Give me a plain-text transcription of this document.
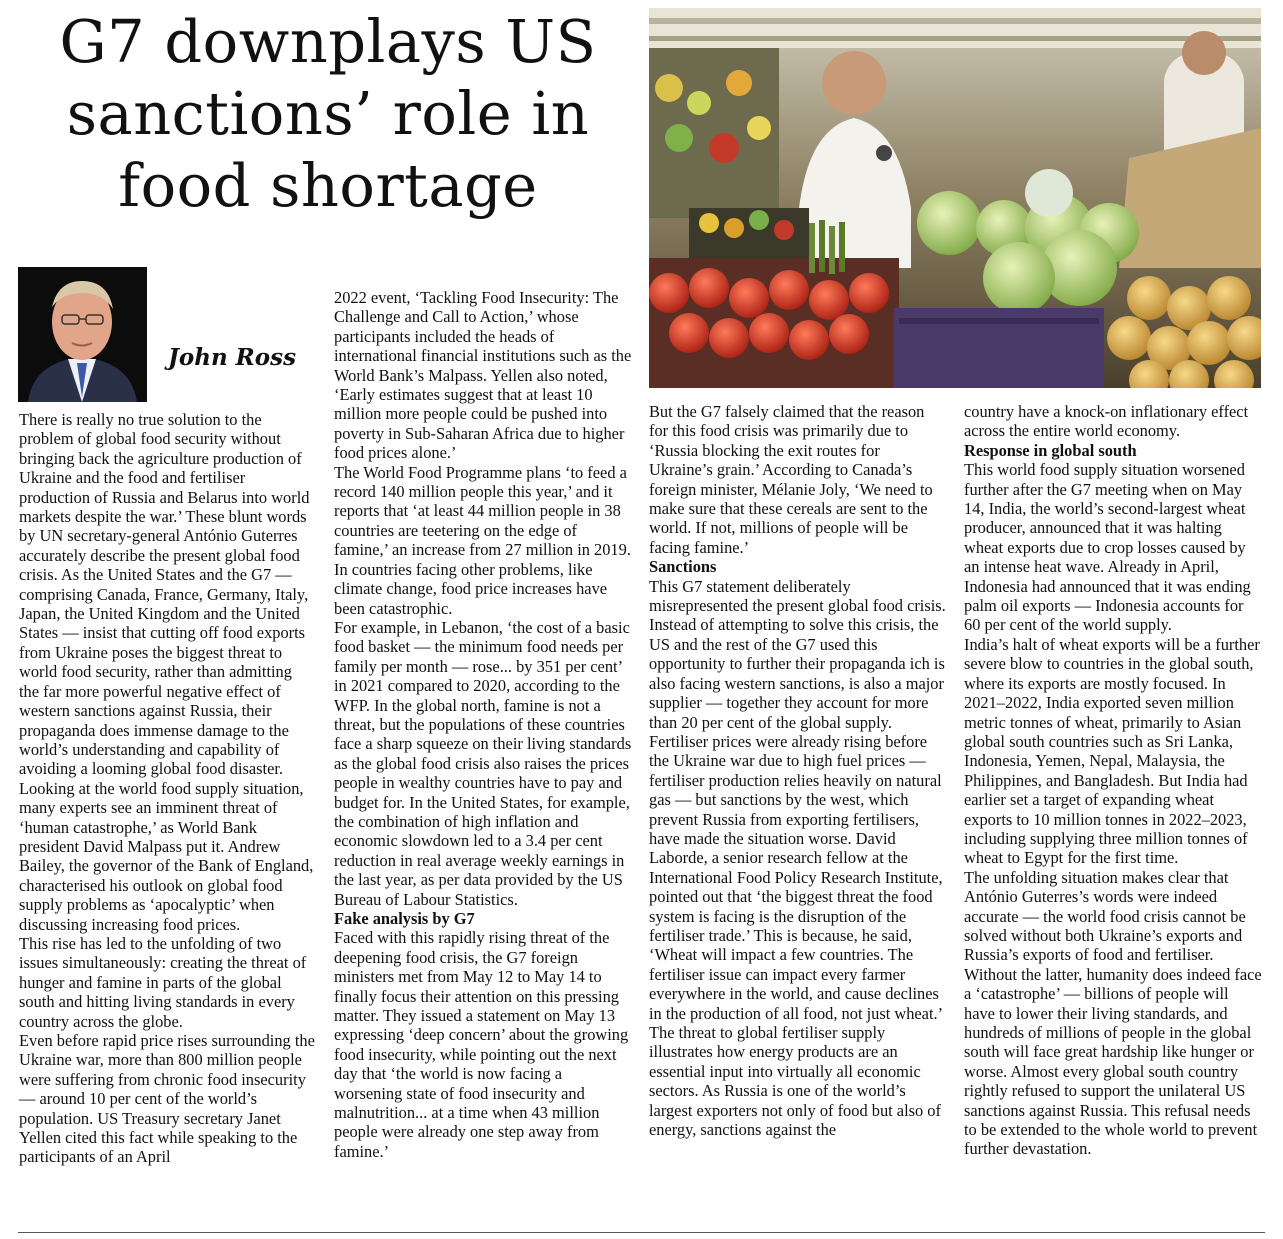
G7 downplays US
sanctions’ role in
food shortage

John Ross

There is really no true solution to the problem of global food security without bringing back the agriculture production of Ukraine and the food and fertiliser production of Russia and Belarus into world markets despite the war.’ These blunt words by UN secretary-general António Guterres accurately describe the present global food crisis. As the United States and the G7 — comprising Canada, France, Germany, Italy, Japan, the United Kingdom and the United States — insist that cutting off food exports from Ukraine poses the biggest threat to world food security, rather than admitting the far more powerful negative effect of western sanctions against Russia, their propaganda does immense damage to the world’s understanding and capability of avoiding a looming global food disaster.

Looking at the world food supply situation, many experts see an imminent threat of ‘human catastrophe,’ as World Bank president David Malpass put it. Andrew Bailey, the governor of the Bank of England, characterised his outlook on global food supply problems as ‘apocalyptic’ when discussing increasing food prices.

This rise has led to the unfolding of two issues simultaneously: creating the threat of hunger and famine in parts of the global south and hitting living standards in every country across the globe.

Even before rapid price rises surrounding the Ukraine war, more than 800 million people were suffering from chronic food insecurity — around 10 per cent of the world’s population. US Treasury secretary Janet Yellen cited this fact while speaking to the participants of an April

2022 event, ‘Tackling Food Insecurity: The Challenge and Call to Action,’ whose participants included the heads of international financial institutions such as the World Bank’s Malpass. Yellen also noted, ‘Early estimates suggest that at least 10 million more people could be pushed into poverty in Sub-Saharan Africa due to higher food prices alone.’

The World Food Programme plans ‘to feed a record 140 million people this year,’ and it reports that ‘at least 44 million people in 38 countries are teetering on the edge of famine,’ an increase from 27 million in 2019. In countries facing other problems, like climate change, food price increases have been catastrophic.

For example, in Lebanon, ‘the cost of a basic food basket — the minimum food needs per family per month — rose... by 351 per cent’ in 2021 compared to 2020, according to the WFP. In the global north, famine is not a threat, but the populations of these countries face a sharp squeeze on their living standards as the global food crisis also raises the prices people in wealthy countries have to pay and budget for. In the United States, for example, the combination of high inflation and economic slowdown led to a 3.4 per cent reduction in real average weekly earnings in the last year, as per data provided by the US Bureau of Labour Statistics.

Fake analysis by G7

Faced with this rapidly rising threat of the deepening food crisis, the G7 foreign ministers met from May 12 to May 14 to finally focus their attention on this pressing matter. They issued a statement on May 13 expressing ‘deep concern’ about the growing food insecurity, while pointing out the next day that ‘the world is now facing a worsening state of food insecurity and malnutrition... at a time when 43 million people were already one step away from famine.’

But the G7 falsely claimed that the reason for this food crisis was primarily due to ‘Russia blocking the exit routes for Ukraine’s grain.’ According to Canada’s foreign minister, Mélanie Joly, ‘We need to make sure that these cereals are sent to the world. If not, millions of people will be facing famine.’

Sanctions

This G7 statement deliberately misrepresented the present global food crisis. Instead of attempting to solve this crisis, the US and the rest of the G7 used this opportunity to further their propaganda ich is also facing western sanctions, is also a major supplier — together they account for more than 20 per cent of the global supply.

Fertiliser prices were already rising before the Ukraine war due to high fuel prices — fertiliser production relies heavily on natural gas — but sanctions by the west, which prevent Russia from exporting fertilisers, have made the situation worse. David Laborde, a senior research fellow at the International Food Policy Research Institute, pointed out that ‘the biggest threat the food system is facing is the disruption of the fertiliser trade.’ This is because, he said, ‘Wheat will impact a few countries. The fertiliser issue can impact every farmer everywhere in the world, and cause declines in the production of all food, not just wheat.’

The threat to global fertiliser supply illustrates how energy products are an essential input into virtually all economic sectors. As Russia is one of the world’s largest exporters not only of food but also of energy, sanctions against the

country have a knock-on inflationary effect across the entire world economy.

Response in global south

This world food supply situation worsened further after the G7 meeting when on May 14, India, the world’s second-largest wheat producer, announced that it was halting wheat exports due to crop losses caused by an intense heat wave. Already in April, Indonesia had announced that it was ending palm oil exports — Indonesia accounts for 60 per cent of the world supply.

India’s halt of wheat exports will be a further severe blow to countries in the global south, where its exports are mostly focused. In 2021–2022, India exported seven million metric tonnes of wheat, primarily to Asian global south countries such as Sri Lanka, Indonesia, Yemen, Nepal, Malaysia, the Philippines, and Bangladesh. But India had earlier set a target of expanding wheat exports to 10 million tonnes in 2022–2023, including supplying three million tonnes of wheat to Egypt for the first time.

The unfolding situation makes clear that António Guterres’s words were indeed accurate — the world food crisis cannot be solved without both Ukraine’s exports and Russia’s exports of food and fertiliser. Without the latter, humanity does indeed face a ‘catastrophe’ — billions of people will have to lower their living standards, and hundreds of millions of people in the global south will face great hardship like hunger or worse. Almost every global south country rightly refused to support the unilateral US sanctions against Russia. This refusal needs to be extended to the whole world to prevent further devastation.
